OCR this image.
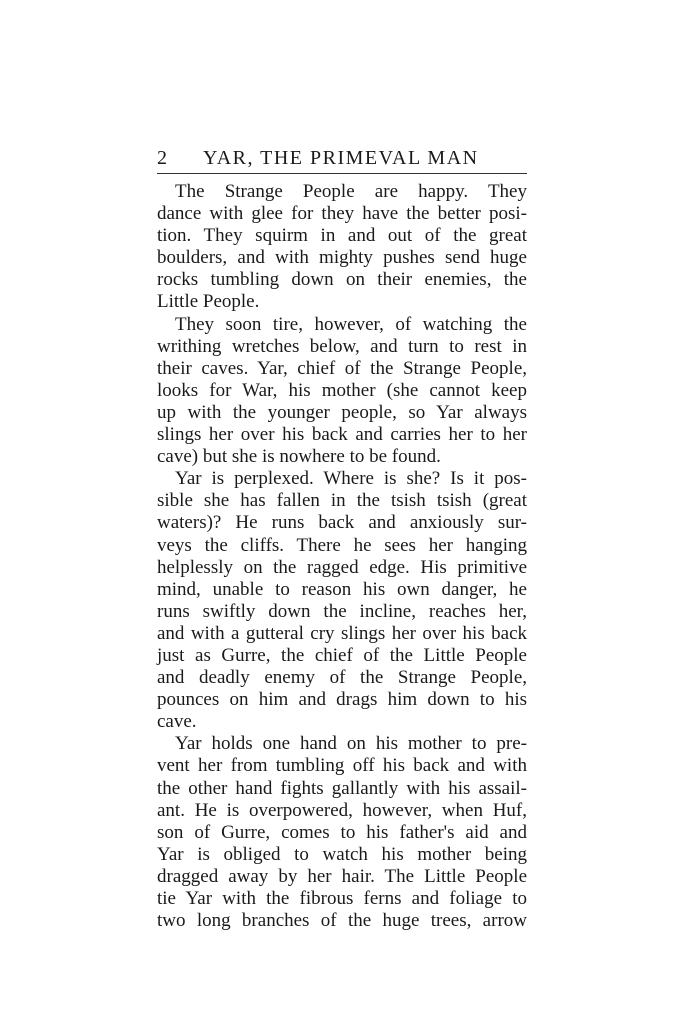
2 YAR, THE PRIMEVAL MAN
The Strange People are happy. They
dance with glee for they have the better posi-
tion. They squirm in and out of the great
boulders, and with mighty pushes send huge
rocks tumbling down on their enemies, the
Little People.
They soon tire, however, of watching the
writhing wretches below, and turn to rest in
their caves. Yar, chief of the Strange People,
looks for War, his mother (she cannot keep
up with the younger people, so Yar always
slings her over his back and carries her to her
cave) but she is nowhere to be found.
Yar is perplexed. Where is she? Is it pos-
sible she has fallen in the tsish tsish (great
waters)? He runs back and anxiously sur-
veys the cliffs. There he sees her hanging
helplessly on the ragged edge. His primitive
mind, unable to reason his own danger, he
runs swiftly down the incline, reaches her,
and with a gutteral cry slings her over his back
just as Gurre, the chief of the Little People
and deadly enemy of the Strange People,
pounces on him and drags him down to his
cave.
Yar holds one hand on his mother to pre-
vent her from tumbling off his back and with
the other hand fights gallantly with his assail-
ant. He is overpowered, however, when Huf,
son of Gurre, comes to his father's aid and
Yar is obliged to watch his mother being
dragged away by her hair. The Little People
tie Yar with the fibrous ferns and foliage to
two long branches of the huge trees, arrow
